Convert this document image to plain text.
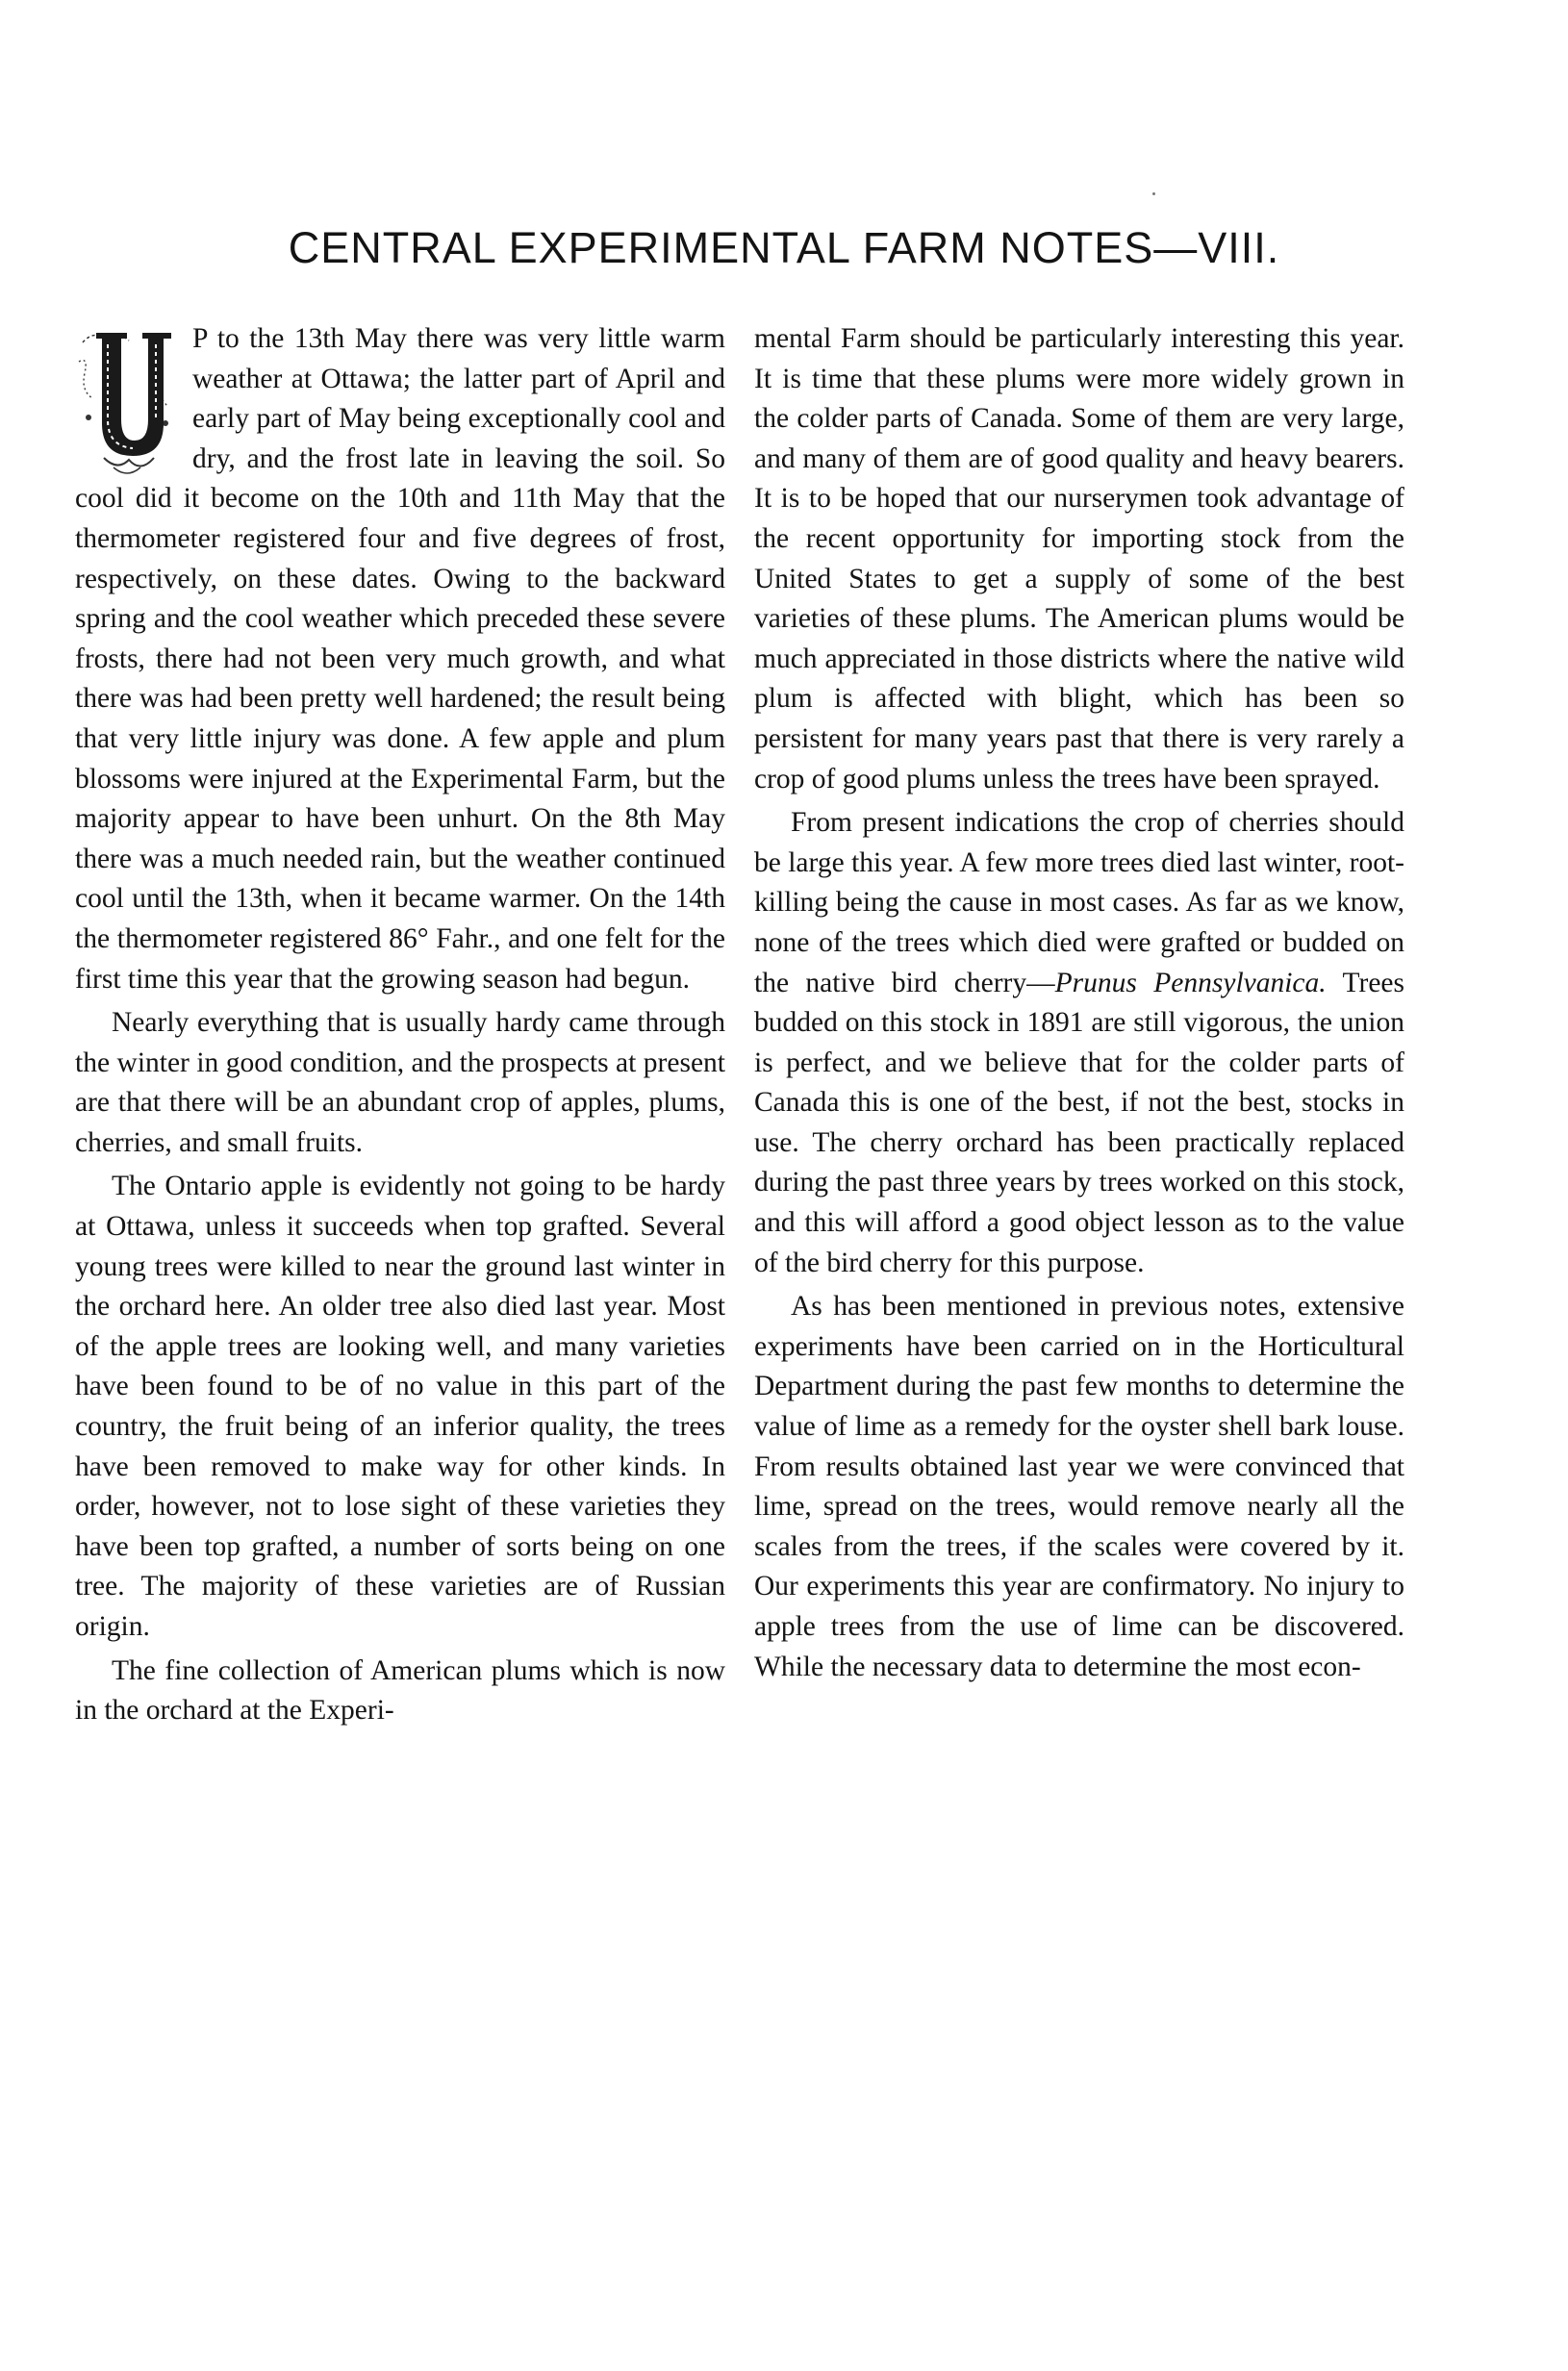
CENTRAL EXPERIMENTAL FARM NOTES—VIII.

P to the 13th May there was very little warm weather at Ottawa; the latter part of April and early part of May being exceptionally cool and dry, and the frost late in leaving the soil. So cool did it become on the 10th and 11th May that the thermometer registered four and five degrees of frost, respectively, on these dates. Owing to the backward spring and the cool weather which preceded these severe frosts, there had not been very much growth, and what there was had been pretty well hardened; the result being that very little injury was done. A few apple and plum blossoms were injured at the Experimental Farm, but the majority appear to have been unhurt. On the 8th May there was a much needed rain, but the weather continued cool until the 13th, when it became warmer. On the 14th the thermometer registered 86° Fahr., and one felt for the first time this year that the growing season had begun.

Nearly everything that is usually hardy came through the winter in good condition, and the prospects at present are that there will be an abundant crop of apples, plums, cherries, and small fruits.

The Ontario apple is evidently not going to be hardy at Ottawa, unless it succeeds when top grafted. Several young trees were killed to near the ground last winter in the orchard here. An older tree also died last year. Most of the apple trees are looking well, and many varieties have been found to be of no value in this part of the country, the fruit being of an inferior quality, the trees have been removed to make way for other kinds. In order, however, not to lose sight of these varieties they have been top grafted, a number of sorts being on one tree. The majority of these varieties are of Russian origin.

The fine collection of American plums which is now in the orchard at the Experi-

mental Farm should be particularly interesting this year. It is time that these plums were more widely grown in the colder parts of Canada. Some of them are very large, and many of them are of good quality and heavy bearers. It is to be hoped that our nurserymen took advantage of the recent opportunity for importing stock from the United States to get a supply of some of the best varieties of these plums. The American plums would be much appreciated in those districts where the native wild plum is affected with blight, which has been so persistent for many years past that there is very rarely a crop of good plums unless the trees have been sprayed.

From present indications the crop of cherries should be large this year. A few more trees died last winter, root-killing being the cause in most cases. As far as we know, none of the trees which died were grafted or budded on the native bird cherry—Prunus Pennsylvanica. Trees budded on this stock in 1891 are still vigorous, the union is perfect, and we believe that for the colder parts of Canada this is one of the best, if not the best, stocks in use. The cherry orchard has been practically replaced during the past three years by trees worked on this stock, and this will afford a good object lesson as to the value of the bird cherry for this purpose.

As has been mentioned in previous notes, extensive experiments have been carried on in the Horticultural Department during the past few months to determine the value of lime as a remedy for the oyster shell bark louse. From results obtained last year we were convinced that lime, spread on the trees, would remove nearly all the scales from the trees, if the scales were covered by it. Our experiments this year are confirmatory. No injury to apple trees from the use of lime can be discovered. While the necessary data to determine the most econ-
